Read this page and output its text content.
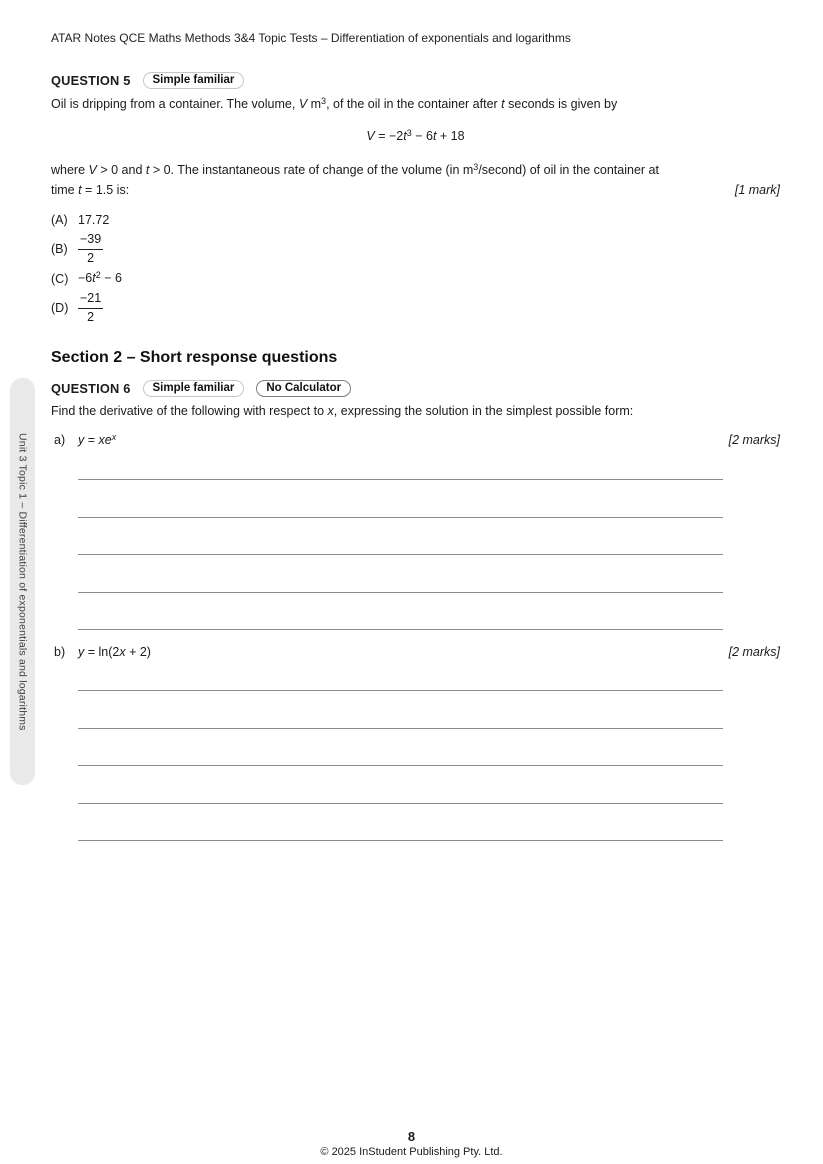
ATAR Notes QCE Maths Methods 3&4 Topic Tests – Differentiation of exponentials and logarithms
QUESTION 5	Simple familiar
Oil is dripping from a container. The volume, V $m^3$, of the oil in the container after t seconds is given by
$V = -2t^3 - 6t + 18$
where V > 0 and t > 0. The instantaneous rate of change of the volume (in $m^3/second$) of oil in the container at
time t = 1.5 is:	[1 mark]
(A) 17.72
$(B) \frac{-39}{2}$
$(C) -6t^2 - 6$
$(D) \frac{-21}{2}$
Section 2 – Short response questions
QUESTION 6	Simple familiar	No Calculator
Find the derivative of the following with respect to x, expressing the solution in the simplest possible form:
a)	$y = xe^x$	[2 marks]
b)	y = ln(2x + 2)	[2 marks]
Unit 3 Topic 1 – Differentiation of exponentials and logarithms
8
© 2025 InStudent Publishing Pty. Ltd.
